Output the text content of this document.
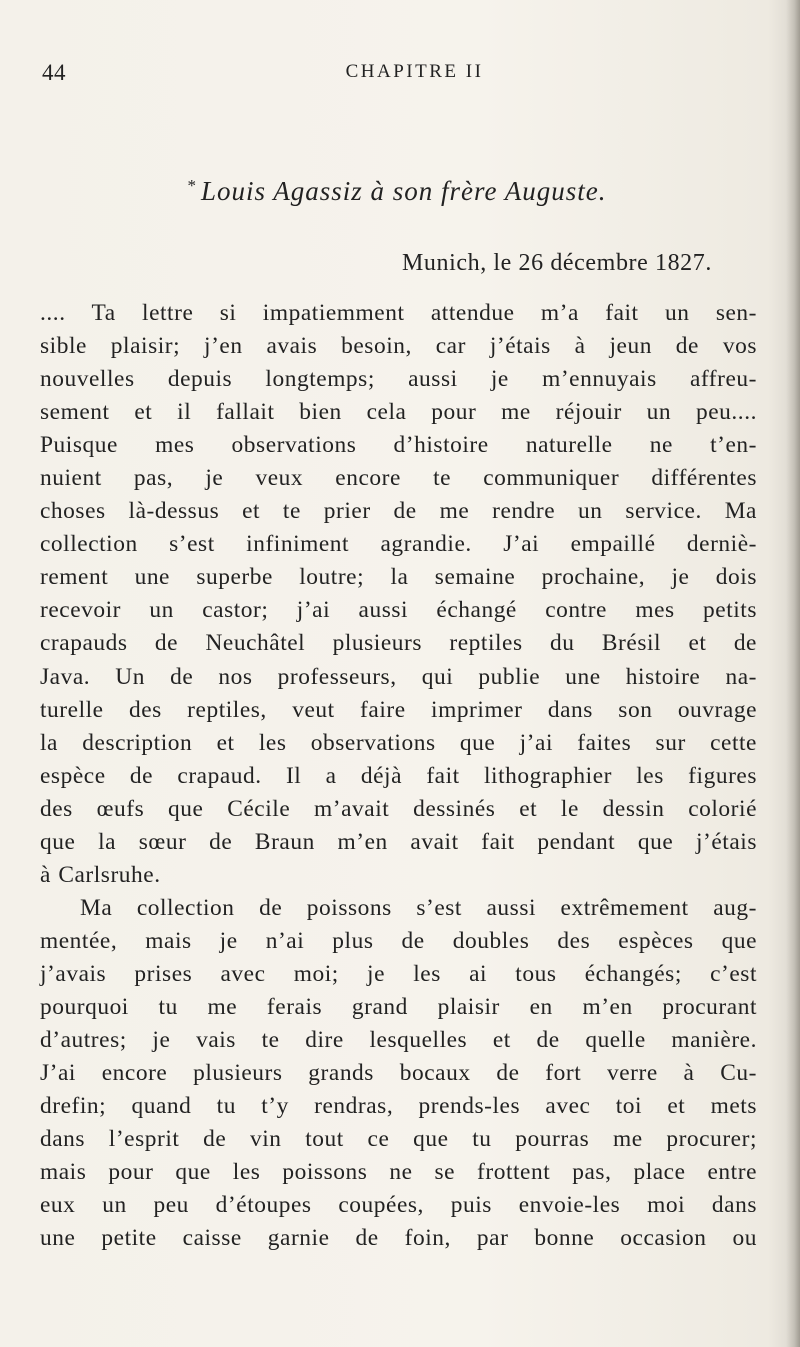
44	CHAPITRE II
* Louis Agassiz à son frère Auguste.
Munich, le 26 décembre 1827.
.... Ta lettre si impatiemment attendue m’a fait un sen-
sible plaisir; j’en avais besoin, car j’étais à jeun de vos
nouvelles depuis longtemps; aussi je m’ennuyais affreu-
sement et il fallait bien cela pour me réjouir un peu....
Puisque mes observations d’histoire naturelle ne t’en-
nuient pas, je veux encore te communiquer différentes
choses là-dessus et te prier de me rendre un service. Ma
collection s’est infiniment agrandie. J’ai empaillé derniè-
rement une superbe loutre; la semaine prochaine, je dois
recevoir un castor; j’ai aussi échangé contre mes petits
crapauds de Neuchâtel plusieurs reptiles du Brésil et de
Java. Un de nos professeurs, qui publie une histoire na-
turelle des reptiles, veut faire imprimer dans son ouvrage
la description et les observations que j’ai faites sur cette
espèce de crapaud. Il a déjà fait lithographier les figures
des œufs que Cécile m’avait dessinés et le dessin colorié
que la sœur de Braun m’en avait fait pendant que j’étais
à Carlsruhe.
Ma collection de poissons s’est aussi extrêmement aug-
mentée, mais je n’ai plus de doubles des espèces que
j’avais prises avec moi; je les ai tous échangés; c’est
pourquoi tu me ferais grand plaisir en m’en procurant
d’autres; je vais te dire lesquelles et de quelle manière.
J’ai encore plusieurs grands bocaux de fort verre à Cu-
drefin; quand tu t’y rendras, prends-les avec toi et mets
dans l’esprit de vin tout ce que tu pourras me procurer;
mais pour que les poissons ne se frottent pas, place entre
eux un peu d’étoupes coupées, puis envoie-les moi dans
une petite caisse garnie de foin, par bonne occasion ou
